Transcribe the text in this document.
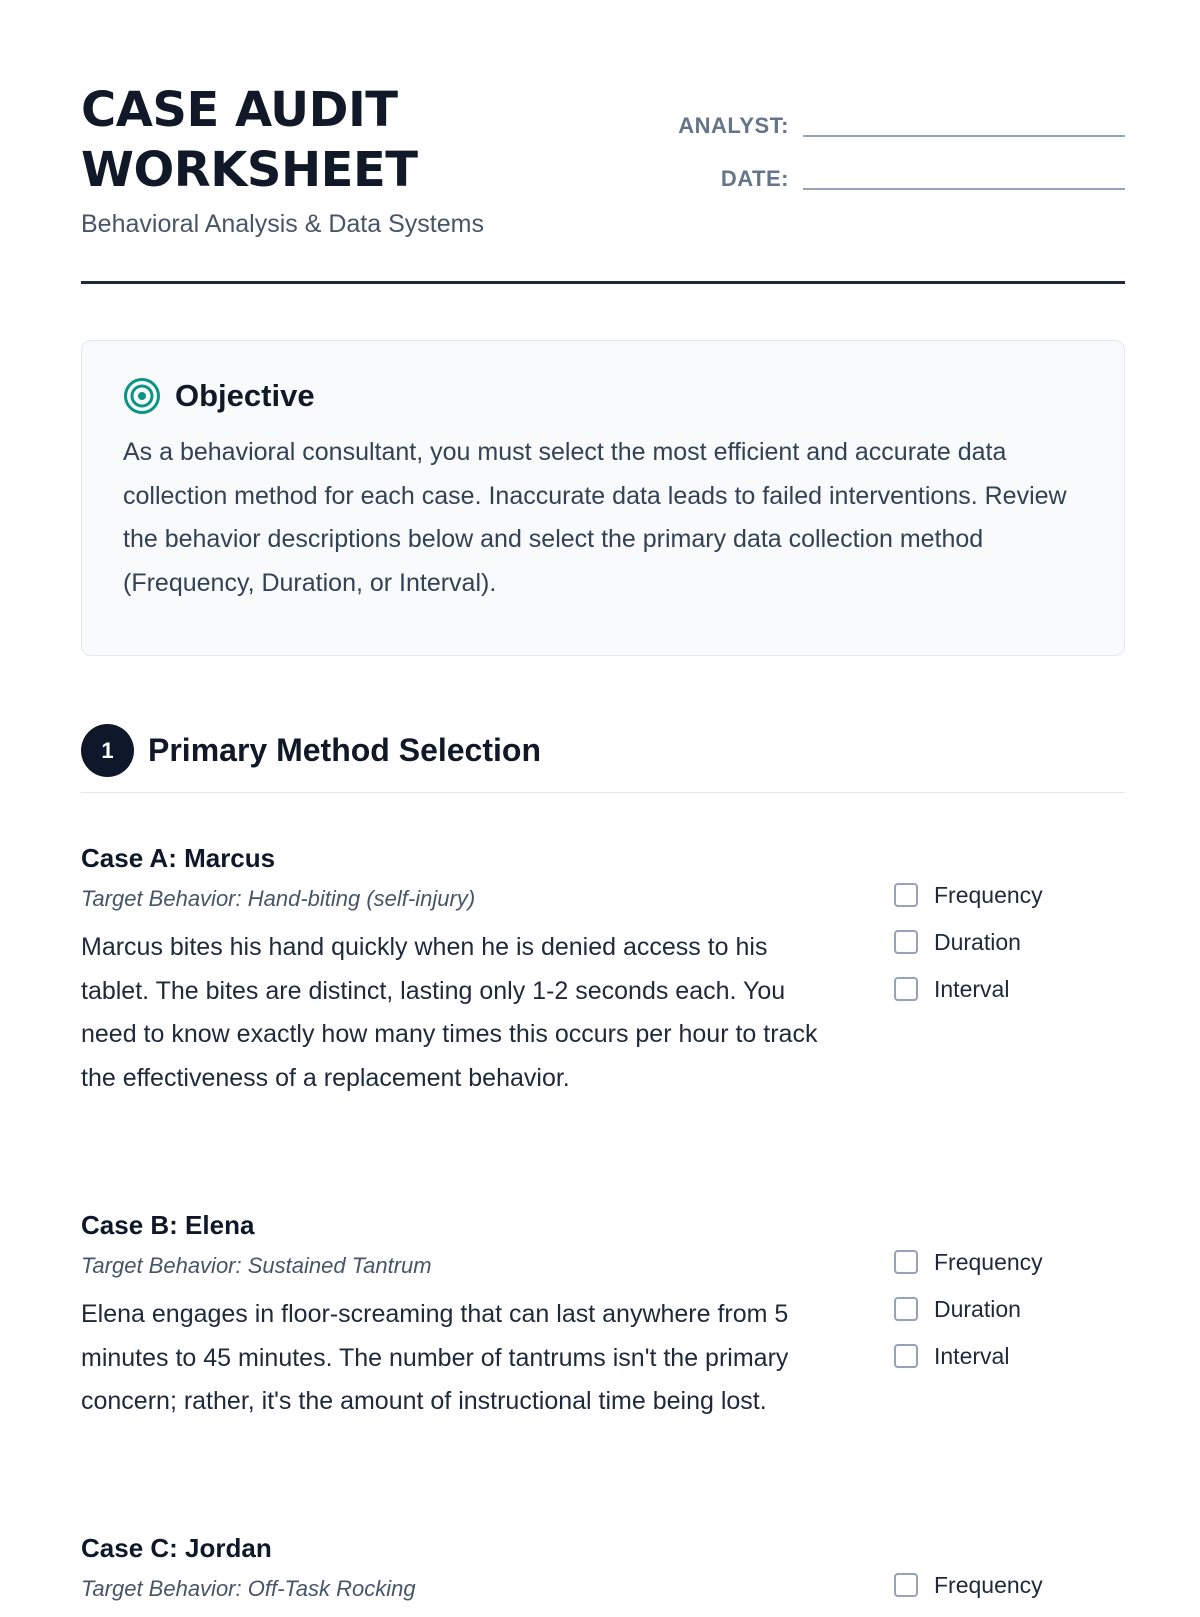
CASE AUDIT WORKSHEET
Behavioral Analysis & Data Systems
ANALYST:
DATE:
Objective
As a behavioral consultant, you must select the most efficient and accurate data collection method for each case. Inaccurate data leads to failed interventions. Review the behavior descriptions below and select the primary data collection method (Frequency, Duration, or Interval).
1	Primary Method Selection
Case A: Marcus
Target Behavior: Hand-biting (self-injury)
Marcus bites his hand quickly when he is denied access to his tablet. The bites are distinct, lasting only 1-2 seconds each. You need to know exactly how many times this occurs per hour to track the effectiveness of a replacement behavior.
Frequency
Duration
Interval
Case B: Elena
Target Behavior: Sustained Tantrum
Elena engages in floor-screaming that can last anywhere from 5 minutes to 45 minutes. The number of tantrums isn't the primary concern; rather, it's the amount of instructional time being lost.
Frequency
Duration
Interval
Case C: Jordan
Target Behavior: Off-Task Rocking	Frequency
